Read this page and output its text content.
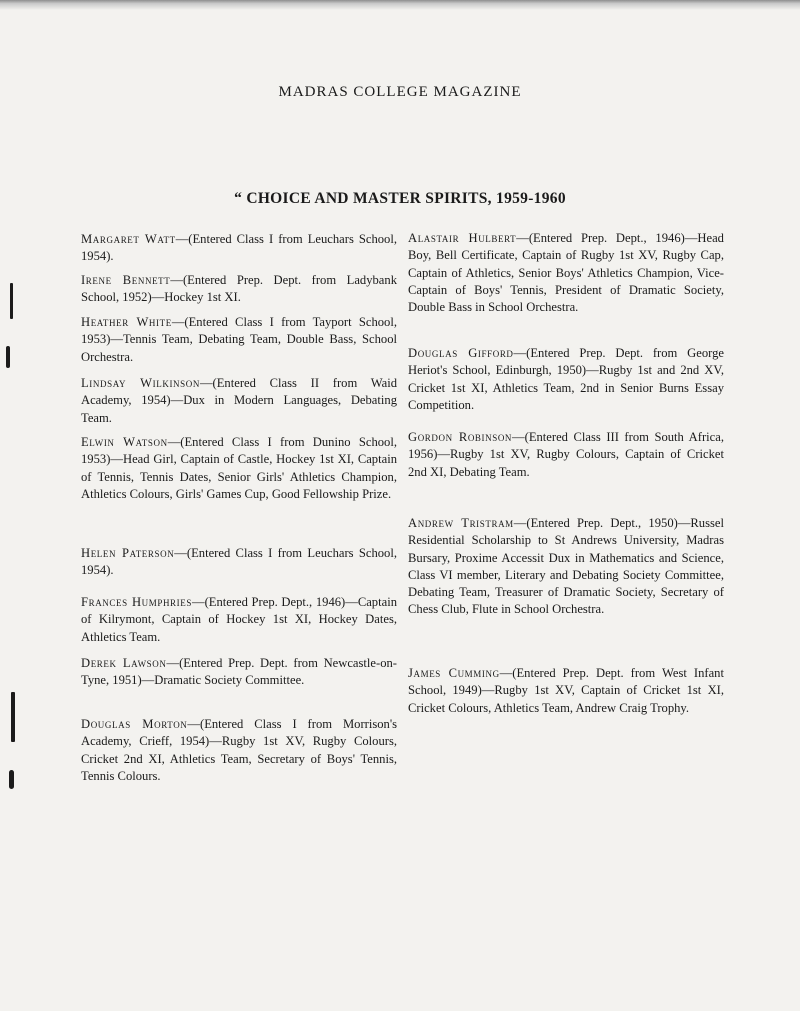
MADRAS COLLEGE MAGAZINE
“ CHOICE AND MASTER SPIRITS, 1959-1960

Margaret Watt—(Entered Class I from Leuchars School, 1954).

Irene Bennett—(Entered Prep. Dept. from Ladybank School, 1952)—Hockey 1st XI.

Heather White—(Entered Class I from Tayport School, 1953)—Tennis Team, Debating Team, Double Bass, School Orchestra.

Lindsay Wilkinson—(Entered Class II from Waid Academy, 1954)—Dux in Modern Languages, Debating Team.

Elwin Watson—(Entered Class I from Dunino School, 1953)—Head Girl, Captain of Castle, Hockey 1st XI, Captain of Tennis, Tennis Dates, Senior Girls' Athletics Champion, Athletics Colours, Girls' Games Cup, Good Fellowship Prize.

Helen Paterson—(Entered Class I from Leuchars School, 1954).

Frances Humphries—(Entered Prep. Dept., 1946)—Captain of Kilrymont, Captain of Hockey 1st XI, Hockey Dates, Athletics Team.

Derek Lawson—(Entered Prep. Dept. from Newcastle-on-Tyne, 1951)—Dramatic Society Committee.

Douglas Morton—(Entered Class I from Morrison's Academy, Crieff, 1954)—Rugby 1st XV, Rugby Colours, Cricket 2nd XI, Athletics Team, Secretary of Boys' Tennis, Tennis Colours.

Alastair Hulbert—(Entered Prep. Dept., 1946)—Head Boy, Bell Certificate, Captain of Rugby 1st XV, Rugby Cap, Captain of Athletics, Senior Boys' Athletics Champion, Vice-Captain of Boys' Tennis, President of Dramatic Society, Double Bass in School Orchestra.

Douglas Gifford—(Entered Prep. Dept. from George Heriot's School, Edinburgh, 1950)—Rugby 1st and 2nd XV, Cricket 1st XI, Athletics Team, 2nd in Senior Burns Essay Competition.

Gordon Robinson—(Entered Class III from South Africa, 1956)—Rugby 1st XV, Rugby Colours, Captain of Cricket 2nd XI, Debating Team.

Andrew Tristram—(Entered Prep. Dept., 1950)—Russel Residential Scholarship to St Andrews University, Madras Bursary, Proxime Accessit Dux in Mathematics and Science, Class VI member, Literary and Debating Society Committee, Debating Team, Treasurer of Dramatic Society, Secretary of Chess Club, Flute in School Orchestra.

James Cumming—(Entered Prep. Dept. from West Infant School, 1949)—Rugby 1st XV, Captain of Cricket 1st XI, Cricket Colours, Athletics Team, Andrew Craig Trophy.
